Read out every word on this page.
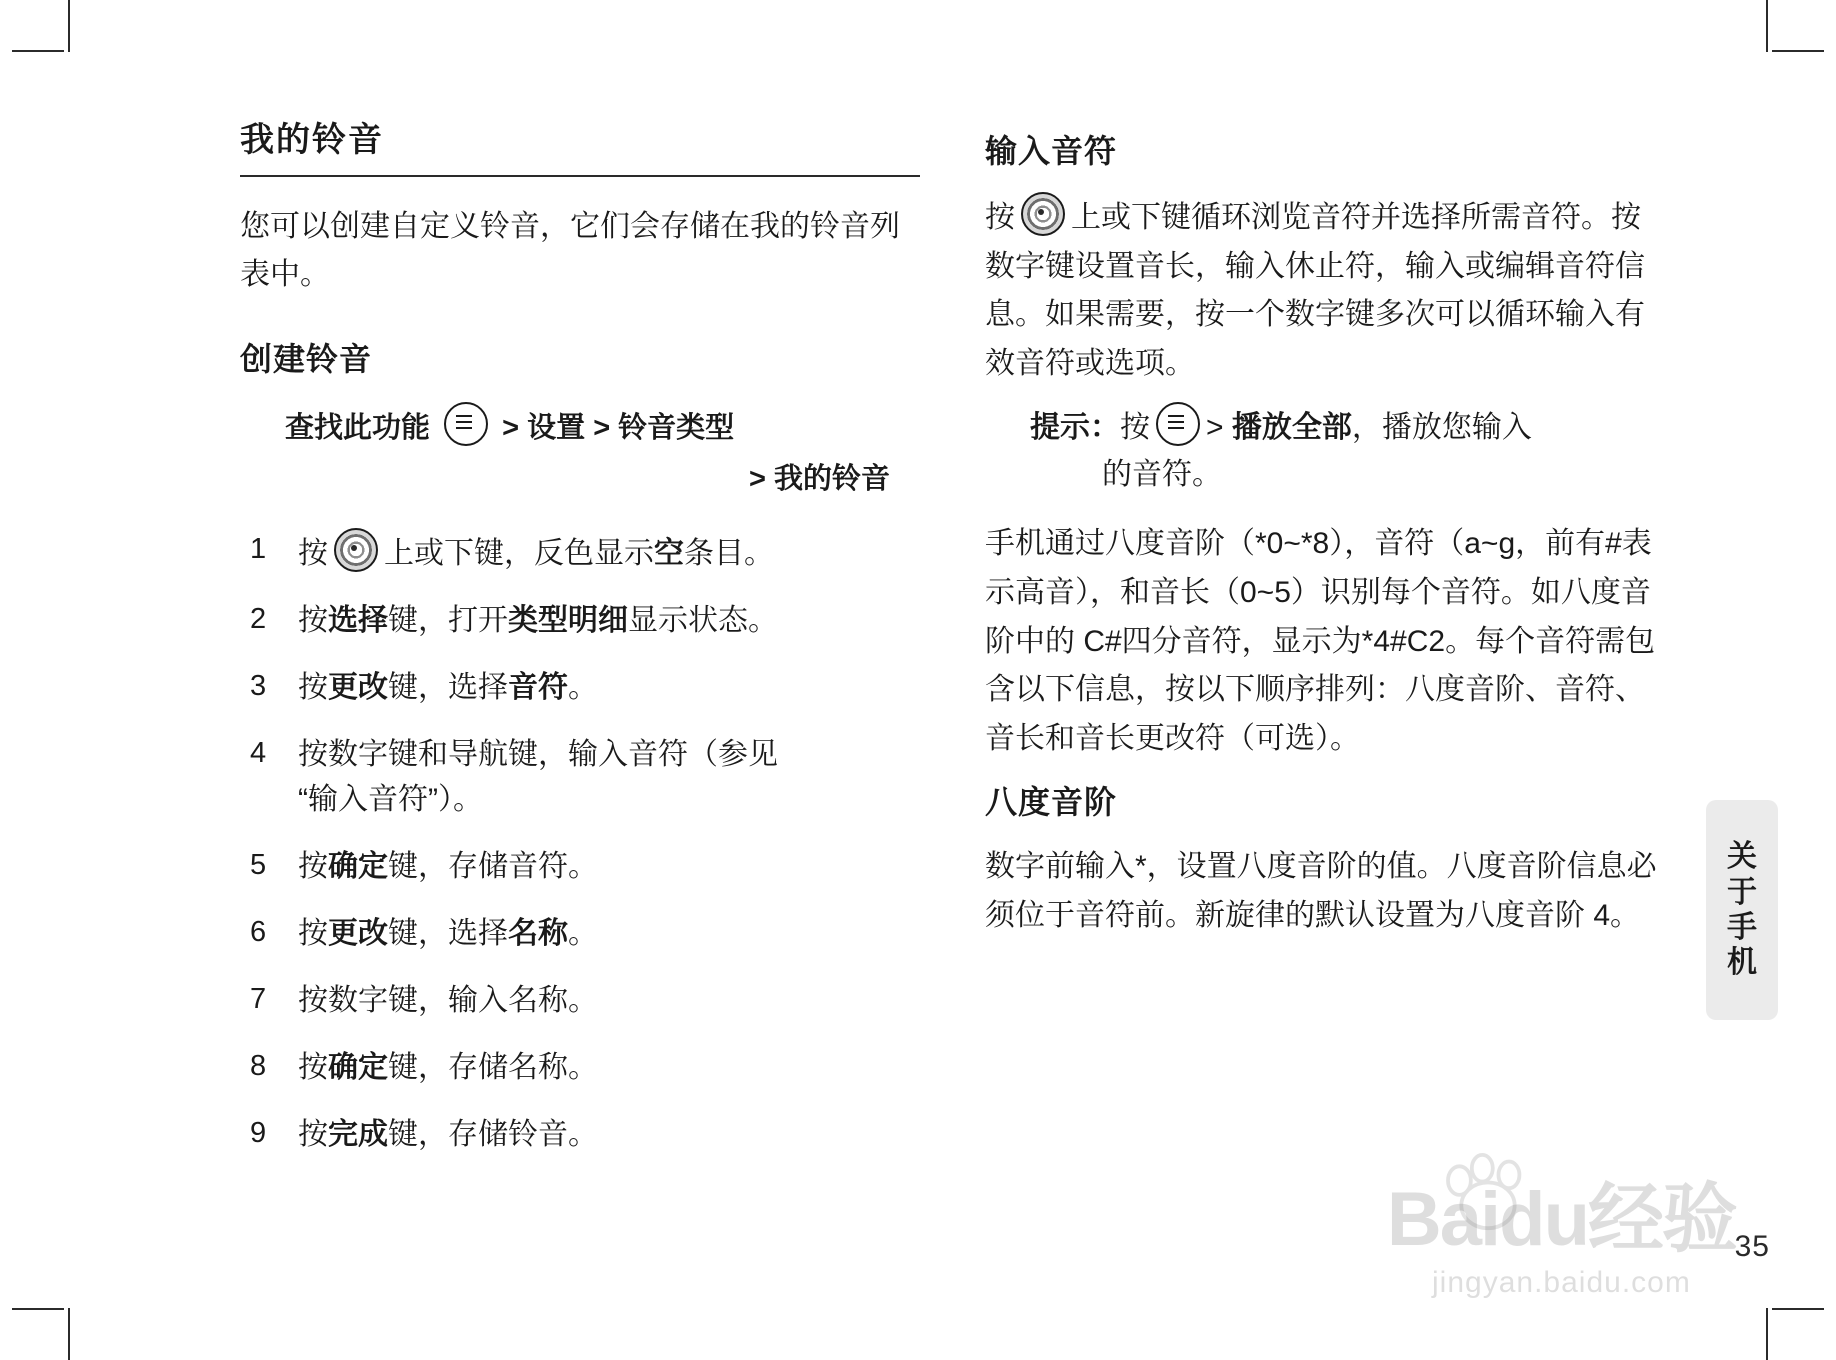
我的铃音

您可以创建自定义铃音，它们会存储在我的铃音列表中。

创建铃音
查找此功能 > 设置 > 铃音类型
> 我的铃音
1 按 上或下键，反色显示空条目。
2 按选择键，打开类型明细显示状态。
3 按更改键，选择音符。
4 按数字键和导航键，输入音符（参见
“输入音符”）。
5 按确定键，存储音符。
6 按更改键，选择名称。
7 按数字键，输入名称。
8 按确定键，存储名称。
9 按完成键，存储铃音。
输入音符

按 上或下键循环浏览音符并选择所需音符。按数字键设置音长，输入休止符，输入或编辑音符信息。如果需要，按一个数字键多次可以循环输入有效音符或选项。

提示：按 > 播放全部，播放您输入
的音符。

手机通过八度音阶（*0~*8），音符（a~g，前有#表示高音），和音长（0~5）识别每个音符。如八度音阶中的 C#四分音符，显示为*4#C2。每个音符需包含以下信息，按以下顺序排列：八度音阶、音符、音长和音长更改符（可选）。

八度音阶

数字前输入*，设置八度音阶的值。八度音阶信息必须位于音符前。新旋律的默认设置为八度音阶 4。

关
于
手
机
35
Baidu经验
jingyan.baidu.com
